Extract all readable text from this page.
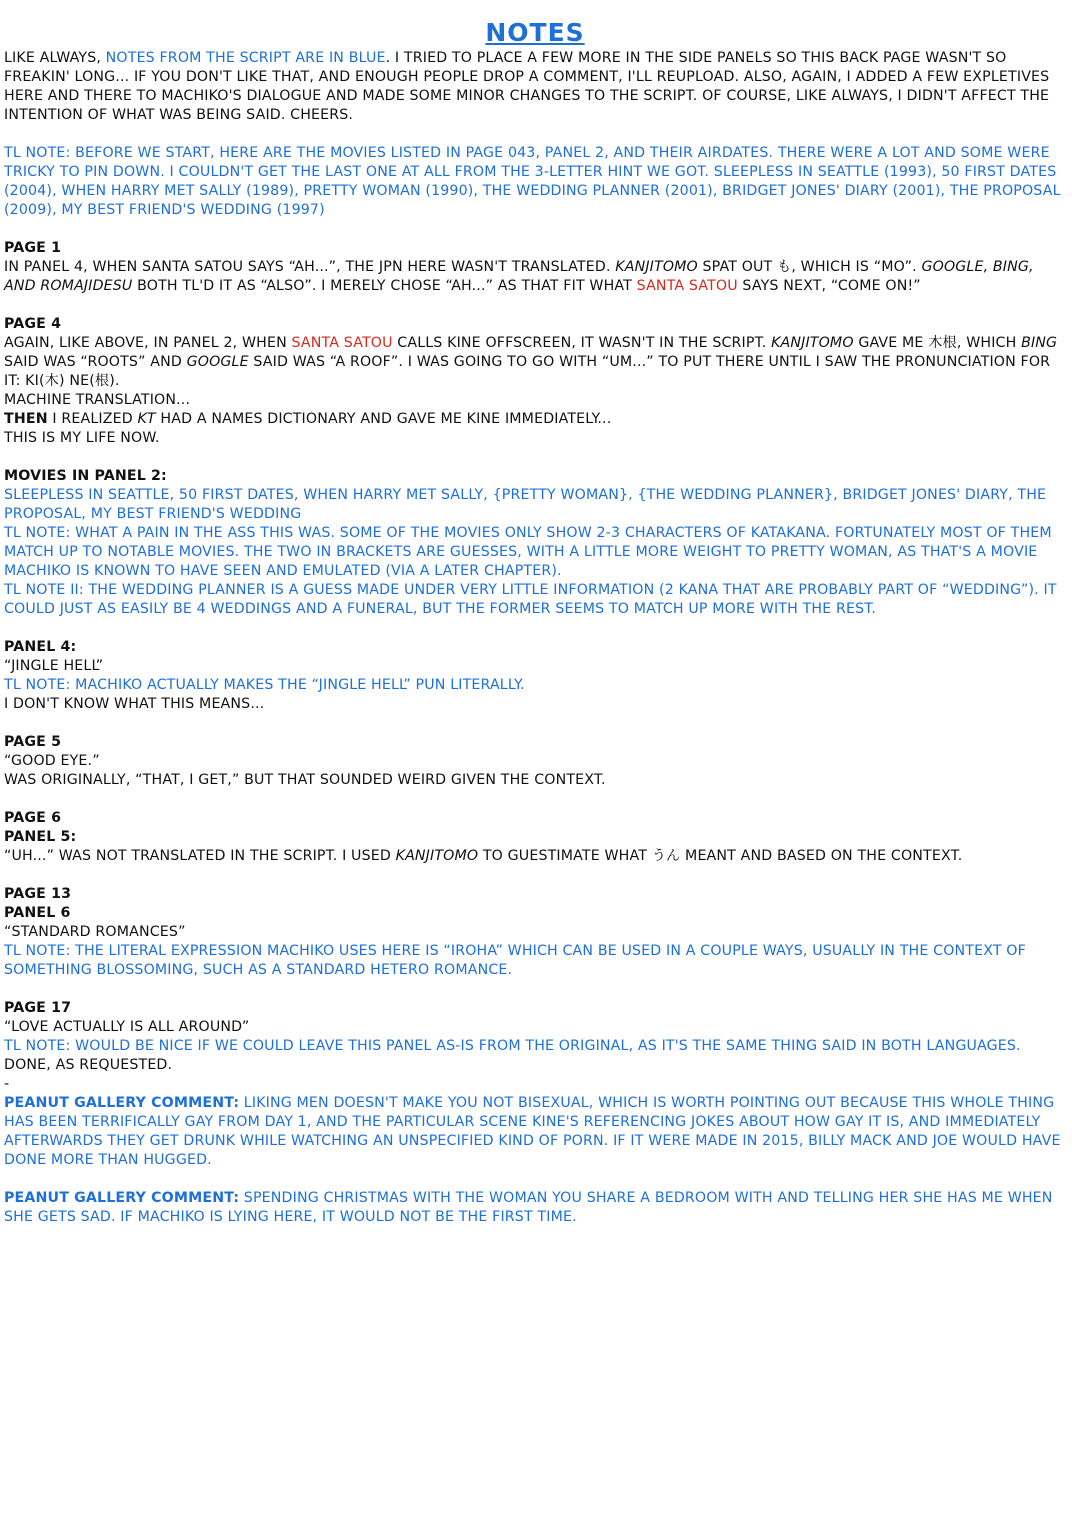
NOTES

LIKE ALWAYS, NOTES FROM THE SCRIPT ARE IN BLUE. I TRIED TO PLACE A FEW MORE IN THE SIDE PANELS SO THIS BACK PAGE WASN'T SO FREAKIN' LONG... IF YOU DON'T LIKE THAT, AND ENOUGH PEOPLE DROP A COMMENT, I'LL REUPLOAD. ALSO, AGAIN, I ADDED A FEW EXPLETIVES HERE AND THERE TO MACHIKO'S DIALOGUE AND MADE SOME MINOR CHANGES TO THE SCRIPT. OF COURSE, LIKE ALWAYS, I DIDN'T AFFECT THE INTENTION OF WHAT WAS BEING SAID. CHEERS.

TL NOTE: BEFORE WE START, HERE ARE THE MOVIES LISTED IN PAGE 043, PANEL 2, AND THEIR AIRDATES. THERE WERE A LOT AND SOME WERE TRICKY TO PIN DOWN. I COULDN'T GET THE LAST ONE AT ALL FROM THE 3-LETTER HINT WE GOT. SLEEPLESS IN SEATTLE (1993), 50 FIRST DATES (2004), WHEN HARRY MET SALLY (1989), PRETTY WOMAN (1990), THE WEDDING PLANNER (2001), BRIDGET JONES' DIARY (2001), THE PROPOSAL (2009), MY BEST FRIEND'S WEDDING (1997)

PAGE 1

IN PANEL 4, WHEN SANTA SATOU SAYS “AH...”, THE JPN HERE WASN'T TRANSLATED. KANJITOMO SPAT OUT も, WHICH IS “MO”. GOOGLE, BING, AND ROMAJIDESU BOTH TL'D IT AS “ALSO”. I MERELY CHOSE “AH...” AS THAT FIT WHAT SANTA SATOU SAYS NEXT, “COME ON!”

PAGE 4

AGAIN, LIKE ABOVE, IN PANEL 2, WHEN SANTA SATOU CALLS KINE OFFSCREEN, IT WASN'T IN THE SCRIPT. KANJITOMO GAVE ME 木根, WHICH BING SAID WAS “ROOTS” AND GOOGLE SAID WAS “A ROOF”. I WAS GOING TO GO WITH “UM...” TO PUT THERE UNTIL I SAW THE PRONUNCIATION FOR IT: KI(木) NE(根).

MACHINE TRANSLATION...

THEN I REALIZED KT HAD A NAMES DICTIONARY AND GAVE ME KINE IMMEDIATELY...

THIS IS MY LIFE NOW.

MOVIES IN PANEL 2:

SLEEPLESS IN SEATTLE, 50 FIRST DATES, WHEN HARRY MET SALLY, {PRETTY WOMAN}, {THE WEDDING PLANNER}, BRIDGET JONES' DIARY, THE PROPOSAL, MY BEST FRIEND'S WEDDING

TL NOTE: WHAT A PAIN IN THE ASS THIS WAS. SOME OF THE MOVIES ONLY SHOW 2-3 CHARACTERS OF KATAKANA. FORTUNATELY MOST OF THEM MATCH UP TO NOTABLE MOVIES. THE TWO IN BRACKETS ARE GUESSES, WITH A LITTLE MORE WEIGHT TO PRETTY WOMAN, AS THAT'S A MOVIE MACHIKO IS KNOWN TO HAVE SEEN AND EMULATED (VIA A LATER CHAPTER).

TL NOTE II: THE WEDDING PLANNER IS A GUESS MADE UNDER VERY LITTLE INFORMATION (2 KANA THAT ARE PROBABLY PART OF “WEDDING”). IT COULD JUST AS EASILY BE 4 WEDDINGS AND A FUNERAL, BUT THE FORMER SEEMS TO MATCH UP MORE WITH THE REST.

PANEL 4:

“JINGLE HELL”

TL NOTE: MACHIKO ACTUALLY MAKES THE “JINGLE HELL” PUN LITERALLY.

I DON'T KNOW WHAT THIS MEANS...

PAGE 5

“GOOD EYE.”

WAS ORIGINALLY, “THAT, I GET,” BUT THAT SOUNDED WEIRD GIVEN THE CONTEXT.

PAGE 6

PANEL 5:

“UH...” WAS NOT TRANSLATED IN THE SCRIPT. I USED KANJITOMO TO GUESTIMATE WHAT うん MEANT AND BASED ON THE CONTEXT.

PAGE 13

PANEL 6

“STANDARD ROMANCES”

TL NOTE: THE LITERAL EXPRESSION MACHIKO USES HERE IS “IROHA” WHICH CAN BE USED IN A COUPLE WAYS, USUALLY IN THE CONTEXT OF SOMETHING BLOSSOMING, SUCH AS A STANDARD HETERO ROMANCE.

PAGE 17

“LOVE ACTUALLY IS ALL AROUND”

TL NOTE: WOULD BE NICE IF WE COULD LEAVE THIS PANEL AS-IS FROM THE ORIGINAL, AS IT'S THE SAME THING SAID IN BOTH LANGUAGES.

DONE, AS REQUESTED.

-

PEANUT GALLERY COMMENT: LIKING MEN DOESN'T MAKE YOU NOT BISEXUAL, WHICH IS WORTH POINTING OUT BECAUSE THIS WHOLE THING HAS BEEN TERRIFICALLY GAY FROM DAY 1, AND THE PARTICULAR SCENE KINE'S REFERENCING JOKES ABOUT HOW GAY IT IS, AND IMMEDIATELY AFTERWARDS THEY GET DRUNK WHILE WATCHING AN UNSPECIFIED KIND OF PORN. IF IT WERE MADE IN 2015, BILLY MACK AND JOE WOULD HAVE DONE MORE THAN HUGGED.

PEANUT GALLERY COMMENT: SPENDING CHRISTMAS WITH THE WOMAN YOU SHARE A BEDROOM WITH AND TELLING HER SHE HAS ME WHEN SHE GETS SAD. IF MACHIKO IS LYING HERE, IT WOULD NOT BE THE FIRST TIME.
